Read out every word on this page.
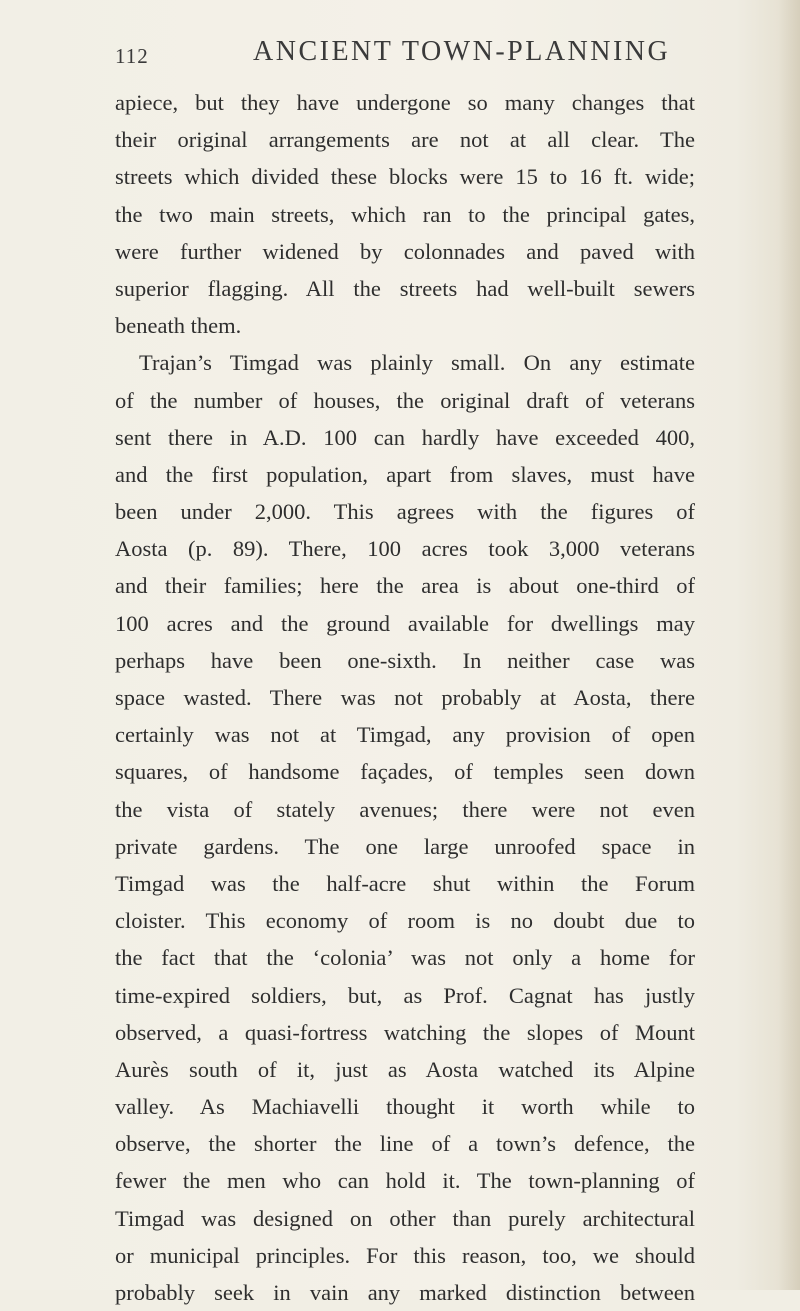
112	ANCIENT TOWN-PLANNING
apiece, but they have undergone so many changes that
their original arrangements are not at all clear. The
streets which divided these blocks were 15 to 16 ft. wide;
the two main streets, which ran to the principal gates,
were further widened by colonnades and paved with
superior flagging. All the streets had well-built sewers
beneath them.
Trajan’s Timgad was plainly small. On any estimate
of the number of houses, the original draft of veterans
sent there in A.D. 100 can hardly have exceeded 400,
and the first population, apart from slaves, must have
been under 2,000. This agrees with the figures of
Aosta (p. 89). There, 100 acres took 3,000 veterans
and their families; here the area is about one-third of
100 acres and the ground available for dwellings may
perhaps have been one-sixth. In neither case was
space wasted. There was not probably at Aosta, there
certainly was not at Timgad, any provision of open
squares, of handsome façades, of temples seen down
the vista of stately avenues; there were not even
private gardens. The one large unroofed space in
Timgad was the half-acre shut within the Forum
cloister. This economy of room is no doubt due to
the fact that the ‘colonia’ was not only a home for
time-expired soldiers, but, as Prof. Cagnat has justly
observed, a quasi-fortress watching the slopes of Mount
Aurès south of it, just as Aosta watched its Alpine
valley. As Machiavelli thought it worth while to
observe, the shorter the line of a town’s defence, the
fewer the men who can hold it. The town-planning of
Timgad was designed on other than purely architectural
or municipal principles. For this reason, too, we should
probably seek in vain any marked distinction between
